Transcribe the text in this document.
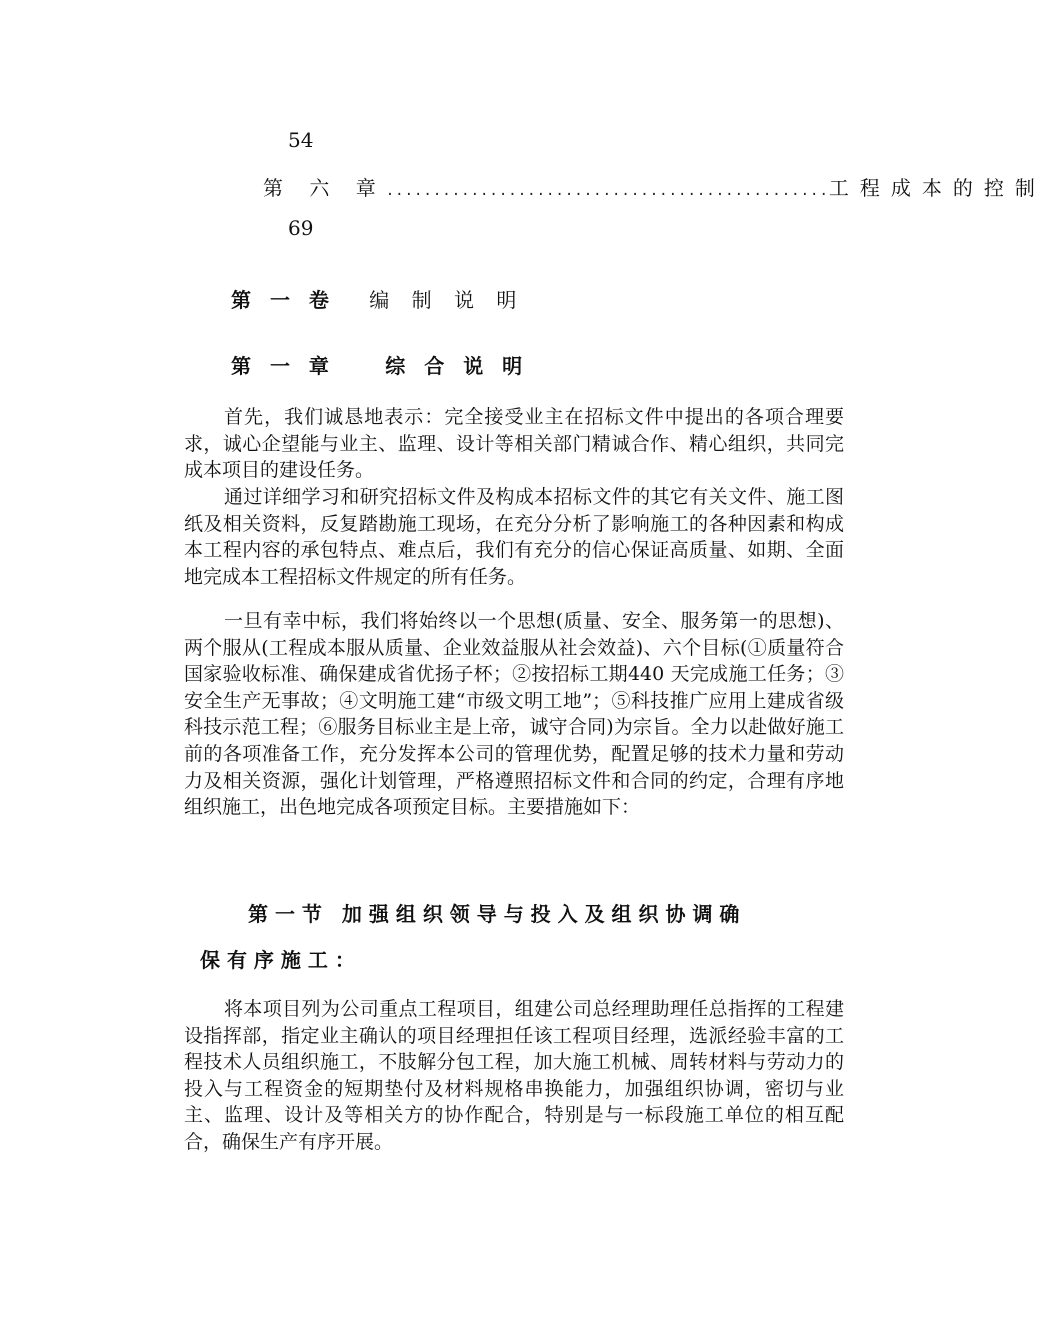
54
第 六 章 ............................................... 工程成本的控制
69
第 一 卷 编 制 说 明
第 一 章	综 合 说 明

首先，我们诚恳地表示：完全接受业主在招标文件中提出的各项合理要求，诚心企望能与业主、监理、设计等相关部门精诚合作、精心组织，共同完成本项目的建设任务。

通过详细学习和研究招标文件及构成本招标文件的其它有关文件、施工图纸及相关资料，反复踏勘施工现场，在充分分析了影响施工的各种因素和构成本工程内容的承包特点、难点后，我们有充分的信心保证高质量、如期、全面地完成本工程招标文件规定的所有任务。

一旦有幸中标，我们将始终以一个思想(质量、安全、服务第一的思想)、两个服从(工程成本服从质量、企业效益服从社会效益)、六个目标(①质量符合国家验收标准、确保建成省优扬子杯；②按招标工期440 天完成施工任务；③安全生产无事故；④文明施工建“市级文明工地”；⑤科技推广应用上建成省级科技示范工程；⑥服务目标业主是上帝，诚守合同)为宗旨。全力以赴做好施工前的各项准备工作，充分发挥本公司的管理优势，配置足够的技术力量和劳动力及相关资源，强化计划管理，严格遵照招标文件和合同的约定，合理有序地组织施工，出色地完成各项预定目标。主要措施如下：

第 一 节　加 强 组 织 领 导 与 投 入 及 组 织 协 调 确
保 有 序 施 工 ：

将本项目列为公司重点工程项目，组建公司总经理助理任总指挥的工程建设指挥部，指定业主确认的项目经理担任该工程项目经理，选派经验丰富的工程技术人员组织施工，不肢解分包工程，加大施工机械、周转材料与劳动力的投入与工程资金的短期垫付及材料规格串换能力，加强组织协调，密切与业主、监理、设计及等相关方的协作配合，特别是与一标段施工单位的相互配合，确保生产有序开展。
